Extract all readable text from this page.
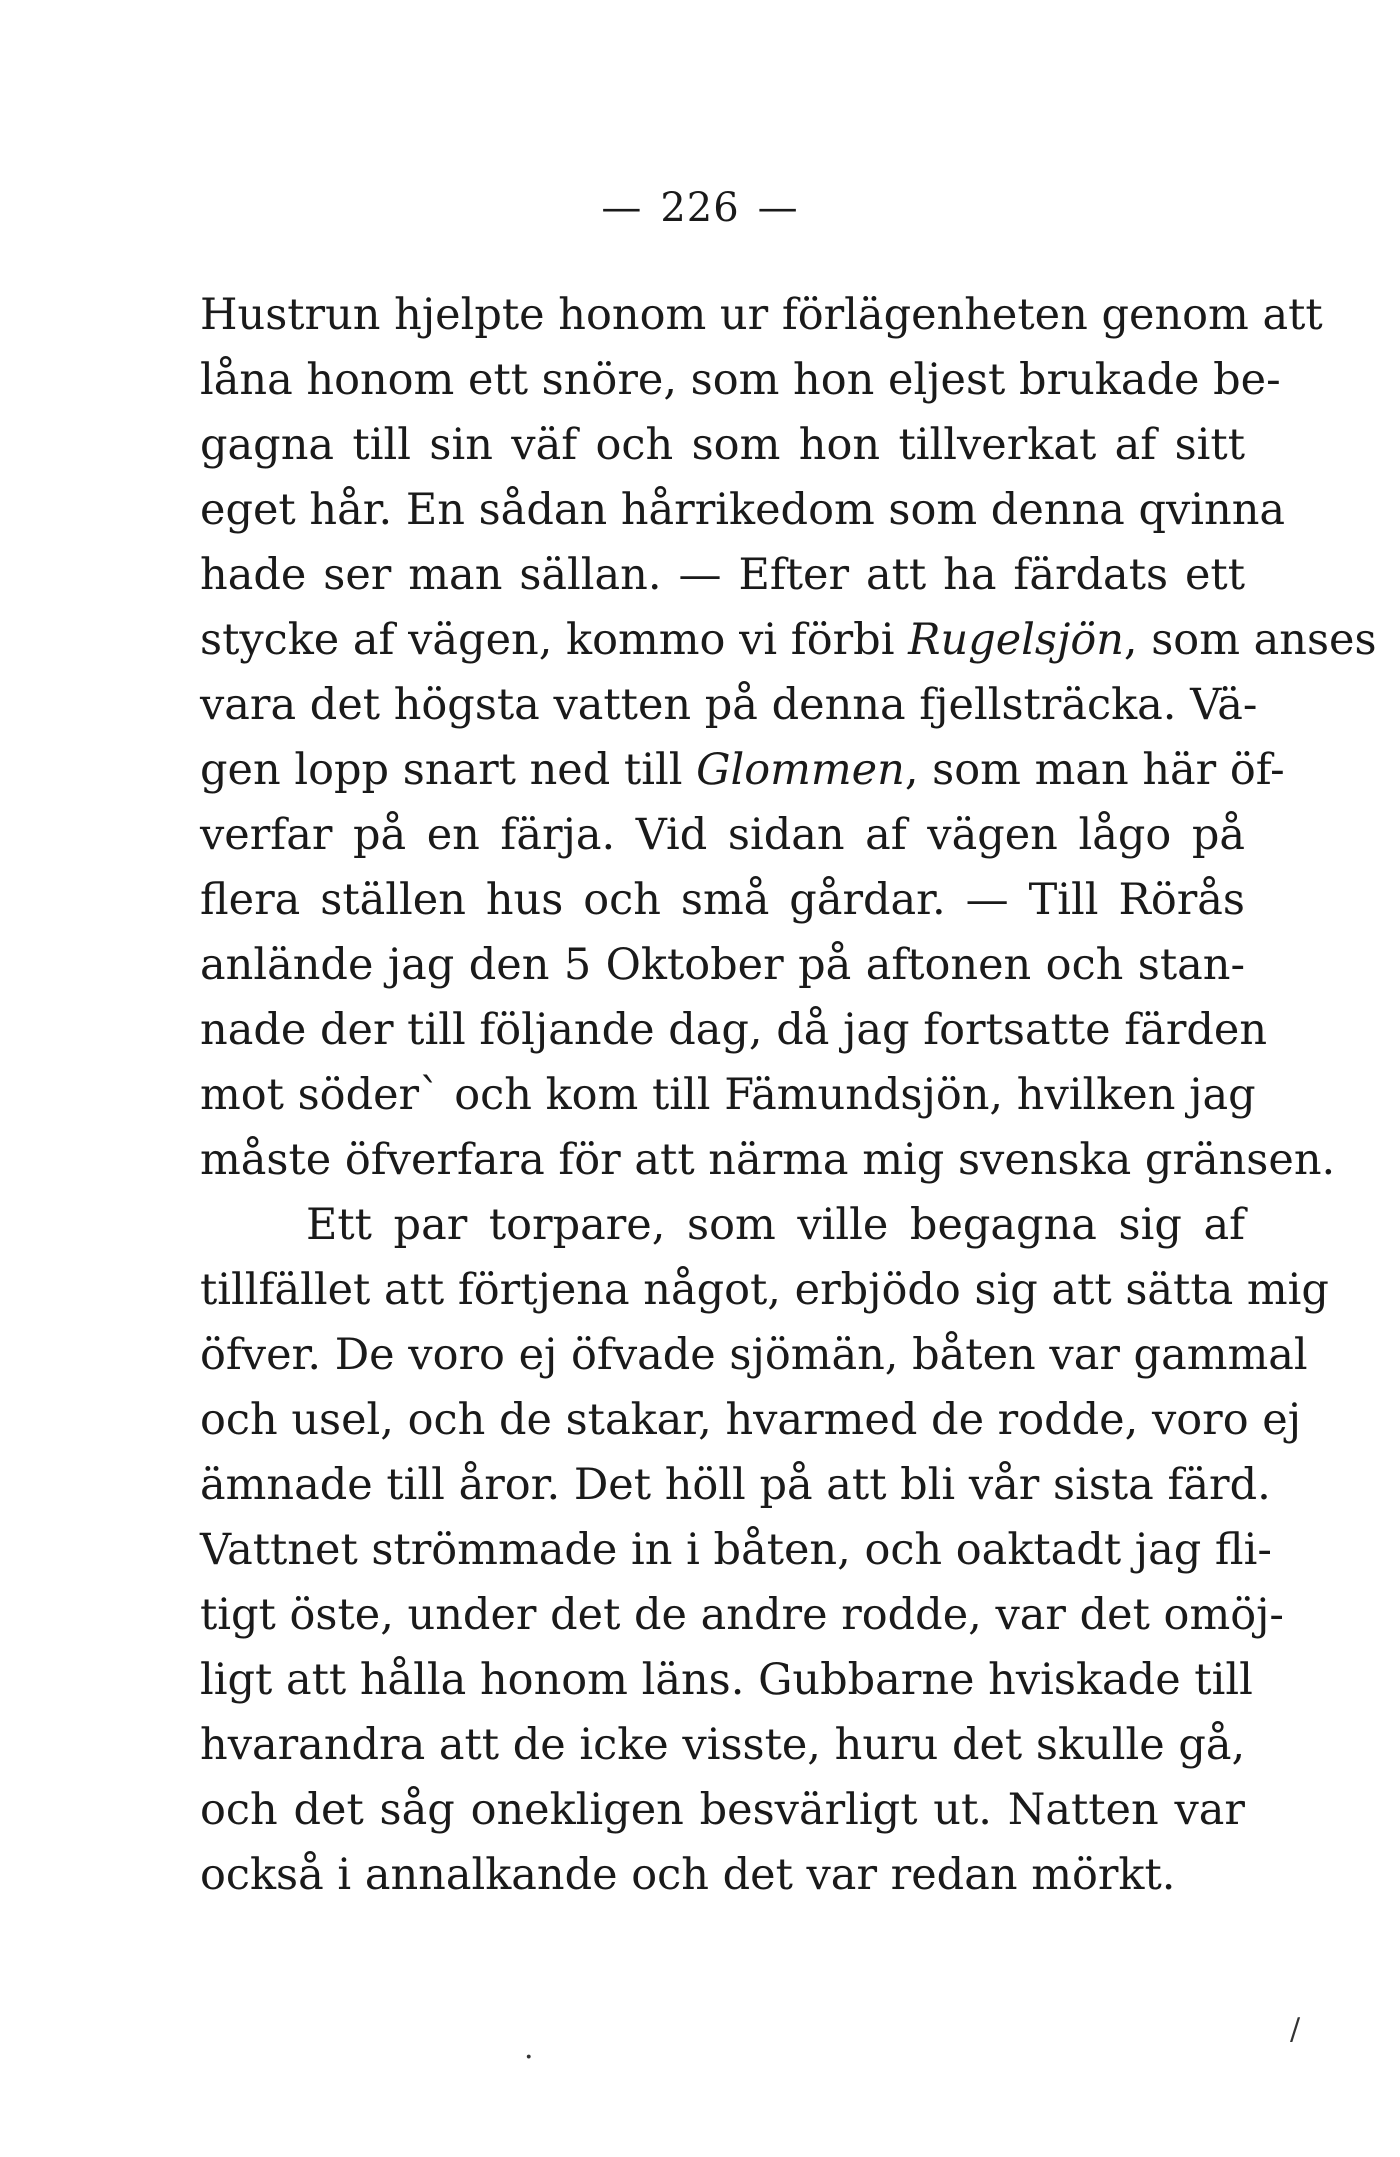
— 226 —
Hustrun hjelpte honom ur förlägenheten genom att
låna honom ett snöre, som hon eljest brukade be-
gagna till sin väf och som hon tillverkat af sitt
eget hår. En sådan hårrikedom som denna qvinna
hade ser man sällan. — Efter att ha färdats ett
stycke af vägen, kommo vi förbi Rugelsjön, som anses
vara det högsta vatten på denna fjellsträcka. Vä-
gen lopp snart ned till Glommen, som man här öf-
verfar på en färja. Vid sidan af vägen lågo på
flera ställen hus och små gårdar. — Till Rörås
anlände jag den 5 Oktober på aftonen och stan-
nade der till följande dag, då jag fortsatte färden
mot söder` och kom till Fämundsjön, hvilken jag
måste öfverfara för att närma mig svenska gränsen.
Ett par torpare, som ville begagna sig af
tillfället att förtjena något, erbjödo sig att sätta mig
öfver. De voro ej öfvade sjömän, båten var gammal
och usel, och de stakar, hvarmed de rodde, voro ej
ämnade till åror. Det höll på att bli vår sista färd.
Vattnet strömmade in i båten, och oaktadt jag fli-
tigt öste, under det de andre rodde, var det omöj-
ligt att hålla honom läns. Gubbarne hviskade till
hvarandra att de icke visste, huru det skulle gå,
och det såg onekligen besvärligt ut. Natten var
också i annalkande och det var redan mörkt.
/
·
